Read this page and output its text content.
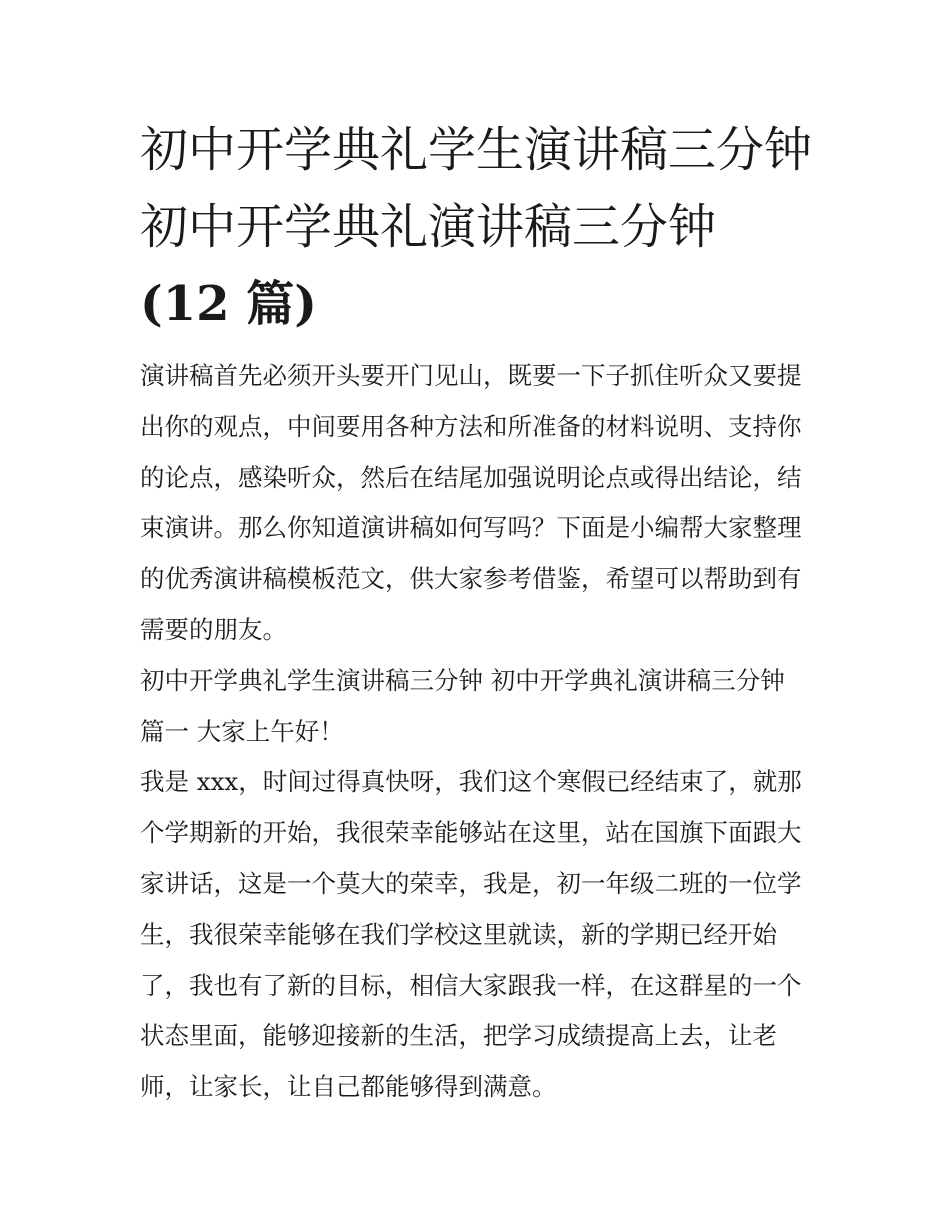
初中开学典礼学生演讲稿三分钟 初中开学典礼演讲稿三分钟
(12 篇)

演讲稿首先必须开头要开门见山，既要一下子抓住听众又要提出你的观点，中间要用各种方法和所准备的材料说明、支持你的论点，感染听众，然后在结尾加强说明论点或得出结论，结束演讲。那么你知道演讲稿如何写吗？下面是小编帮大家整理的优秀演讲稿模板范文，供大家参考借鉴，希望可以帮助到有需要的朋友。

初中开学典礼学生演讲稿三分钟 初中开学典礼演讲稿三分钟

篇一 大家上午好！

我是 xxx，时间过得真快呀，我们这个寒假已经结束了，就那个学期新的开始，我很荣幸能够站在这里，站在国旗下面跟大家讲话，这是一个莫大的荣幸，我是，初一年级二班的一位学生，我很荣幸能够在我们学校这里就读，新的学期已经开始了，我也有了新的目标，相信大家跟我一样，在这群星的一个状态里面，能够迎接新的生活，把学习成绩提高上去，让老师，让家长，让自己都能够得到满意。
